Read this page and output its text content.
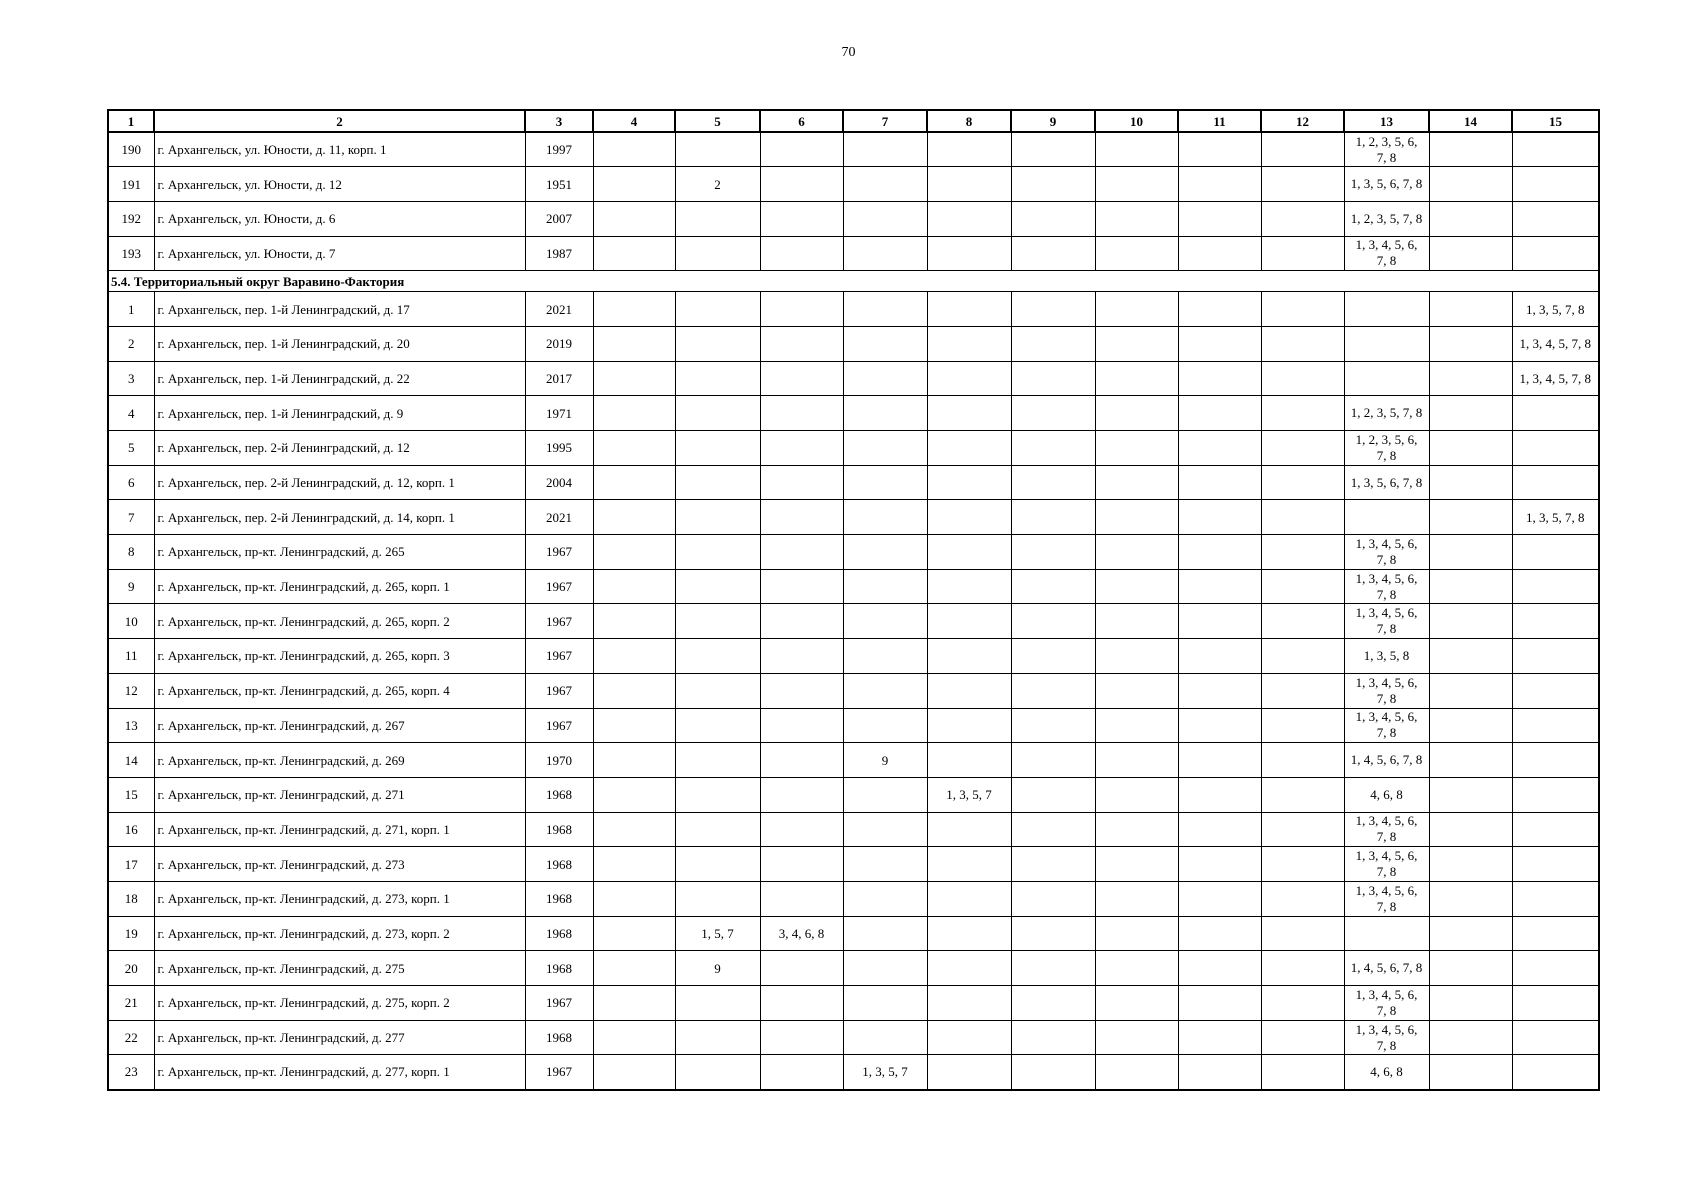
70
1	2	3	4	5	6	7	8	9	10	11	12	13	14	15
190	г. Архангельск, ул. Юности, д. 11, корп. 1	1997										1, 2, 3, 5, 6, 7, 8		
191	г. Архангельск, ул. Юности, д. 12	1951		2								1, 3, 5, 6, 7, 8		
192	г. Архангельск, ул. Юности, д. 6	2007										1, 2, 3, 5, 7, 8		
193	г. Архангельск, ул. Юности, д. 7	1987										1, 3, 4, 5, 6, 7, 8		
5.4. Территориальный округ Варавино-Фактория														
1	г. Архангельск, пер. 1-й Ленинградский, д. 17	2021												1, 3, 5, 7, 8
2	г. Архангельск, пер. 1-й Ленинградский, д. 20	2019												1, 3, 4, 5, 7, 8
3	г. Архангельск, пер. 1-й Ленинградский, д. 22	2017												1, 3, 4, 5, 7, 8
4	г. Архангельск, пер. 1-й Ленинградский, д. 9	1971										1, 2, 3, 5, 7, 8		
5	г. Архангельск, пер. 2-й Ленинградский, д. 12	1995										1, 2, 3, 5, 6, 7, 8		
6	г. Архангельск, пер. 2-й Ленинградский, д. 12, корп. 1	2004										1, 3, 5, 6, 7, 8		
7	г. Архангельск, пер. 2-й Ленинградский, д. 14, корп. 1	2021												1, 3, 5, 7, 8
8	г. Архангельск, пр-кт. Ленинградский, д. 265	1967										1, 3, 4, 5, 6, 7, 8		
9	г. Архангельск, пр-кт. Ленинградский, д. 265, корп. 1	1967										1, 3, 4, 5, 6, 7, 8		
10	г. Архангельск, пр-кт. Ленинградский, д. 265, корп. 2	1967										1, 3, 4, 5, 6, 7, 8		
11	г. Архангельск, пр-кт. Ленинградский, д. 265, корп. 3	1967										1, 3, 5, 8		
12	г. Архангельск, пр-кт. Ленинградский, д. 265, корп. 4	1967										1, 3, 4, 5, 6, 7, 8		
13	г. Архангельск, пр-кт. Ленинградский, д. 267	1967										1, 3, 4, 5, 6, 7, 8		
14	г. Архангельск, пр-кт. Ленинградский, д. 269	1970				9						1, 4, 5, 6, 7, 8		
15	г. Архангельск, пр-кт. Ленинградский, д. 271	1968					1, 3, 5, 7					4, 6, 8		
16	г. Архангельск, пр-кт. Ленинградский, д. 271, корп. 1	1968										1, 3, 4, 5, 6, 7, 8		
17	г. Архангельск, пр-кт. Ленинградский, д. 273	1968										1, 3, 4, 5, 6, 7, 8		
18	г. Архангельск, пр-кт. Ленинградский, д. 273, корп. 1	1968										1, 3, 4, 5, 6, 7, 8		
19	г. Архангельск, пр-кт. Ленинградский, д. 273, корп. 2	1968		1, 5, 7	3, 4, 6, 8									
20	г. Архангельск, пр-кт. Ленинградский, д. 275	1968		9								1, 4, 5, 6, 7, 8		
21	г. Архангельск, пр-кт. Ленинградский, д. 275, корп. 2	1967										1, 3, 4, 5, 6, 7, 8		
22	г. Архангельск, пр-кт. Ленинградский, д. 277	1968										1, 3, 4, 5, 6, 7, 8		
23	г. Архангельск, пр-кт. Ленинградский, д. 277, корп. 1	1967				1, 3, 5, 7						4, 6, 8		
